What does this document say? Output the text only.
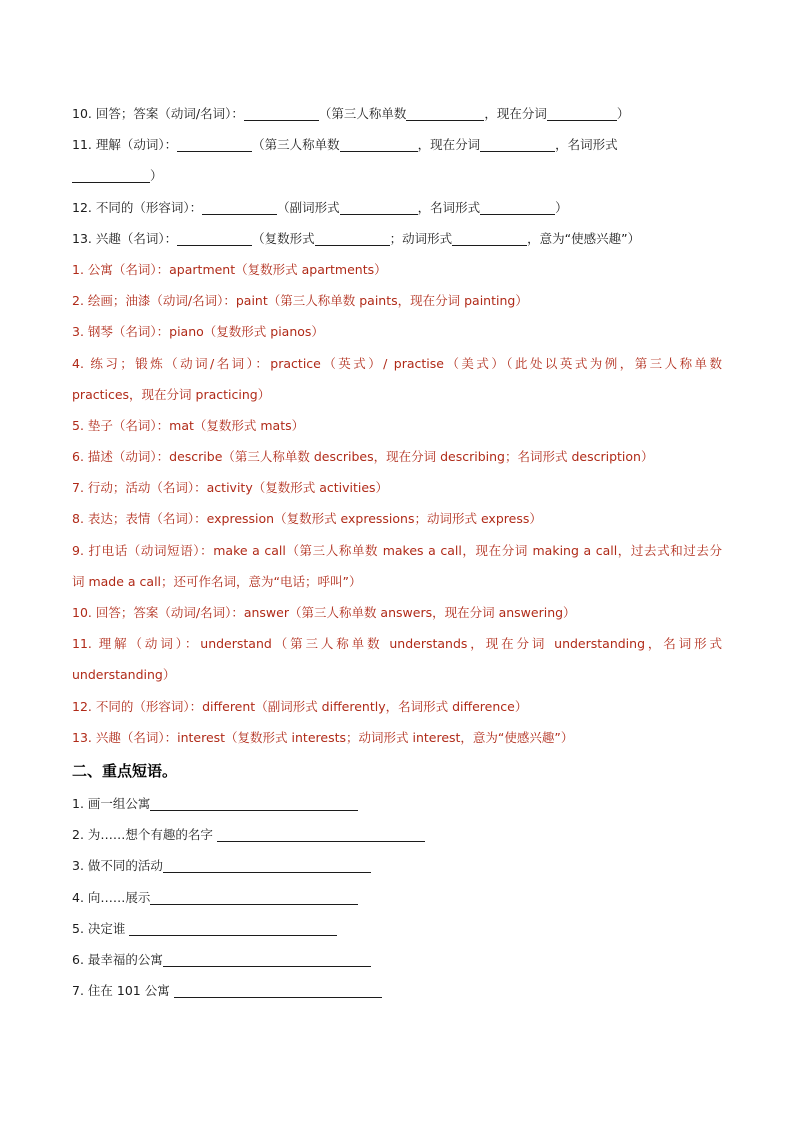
10. 回答；答案（动词/名词）：	（第三人称单数	，现在分词	）
11. 理解（动词）：	（第三人称单数	，现在分词	，名词形式
）
12. 不同的（形容词）：	（副词形式	，名词形式	）
13. 兴趣（名词）：	（复数形式	；动词形式	，意为“使感兴趣”）
1. 公寓（名词）：apartment（复数形式 apartments）
2. 绘画；油漆（动词/名词）：paint（第三人称单数 paints，现在分词 painting）
3. 钢琴（名词）：piano（复数形式 pianos）
4. 练习；锻炼（动词/名词）：practice（英式）/ practise（美式）（此处以英式为例，第三人称单数
practices，现在分词 practicing）
5. 垫子（名词）：mat（复数形式 mats）
6. 描述（动词）：describe（第三人称单数 describes，现在分词 describing；名词形式 description）
7. 行动；活动（名词）：activity（复数形式 activities）
8. 表达；表情（名词）：expression（复数形式 expressions；动词形式 express）
9. 打电话（动词短语）：make a call（第三人称单数 makes a call，现在分词 making a call，过去式和过去分
词 made a call；还可作名词，意为“电话；呼叫”）
10. 回答；答案（动词/名词）：answer（第三人称单数 answers，现在分词 answering）
11. 理解（动词）：understand（第三人称单数 understands，现在分词 understanding，名词形式
understanding）
12. 不同的（形容词）：different（副词形式 differently，名词形式 difference）
13. 兴趣（名词）：interest（复数形式 interests；动词形式 interest，意为“使感兴趣”）
二、重点短语。
1. 画一组公寓
2. 为……想个有趣的名字
3. 做不同的活动
4. 向……展示
5. 决定谁
6. 最幸福的公寓
7. 住在 101 公寓
